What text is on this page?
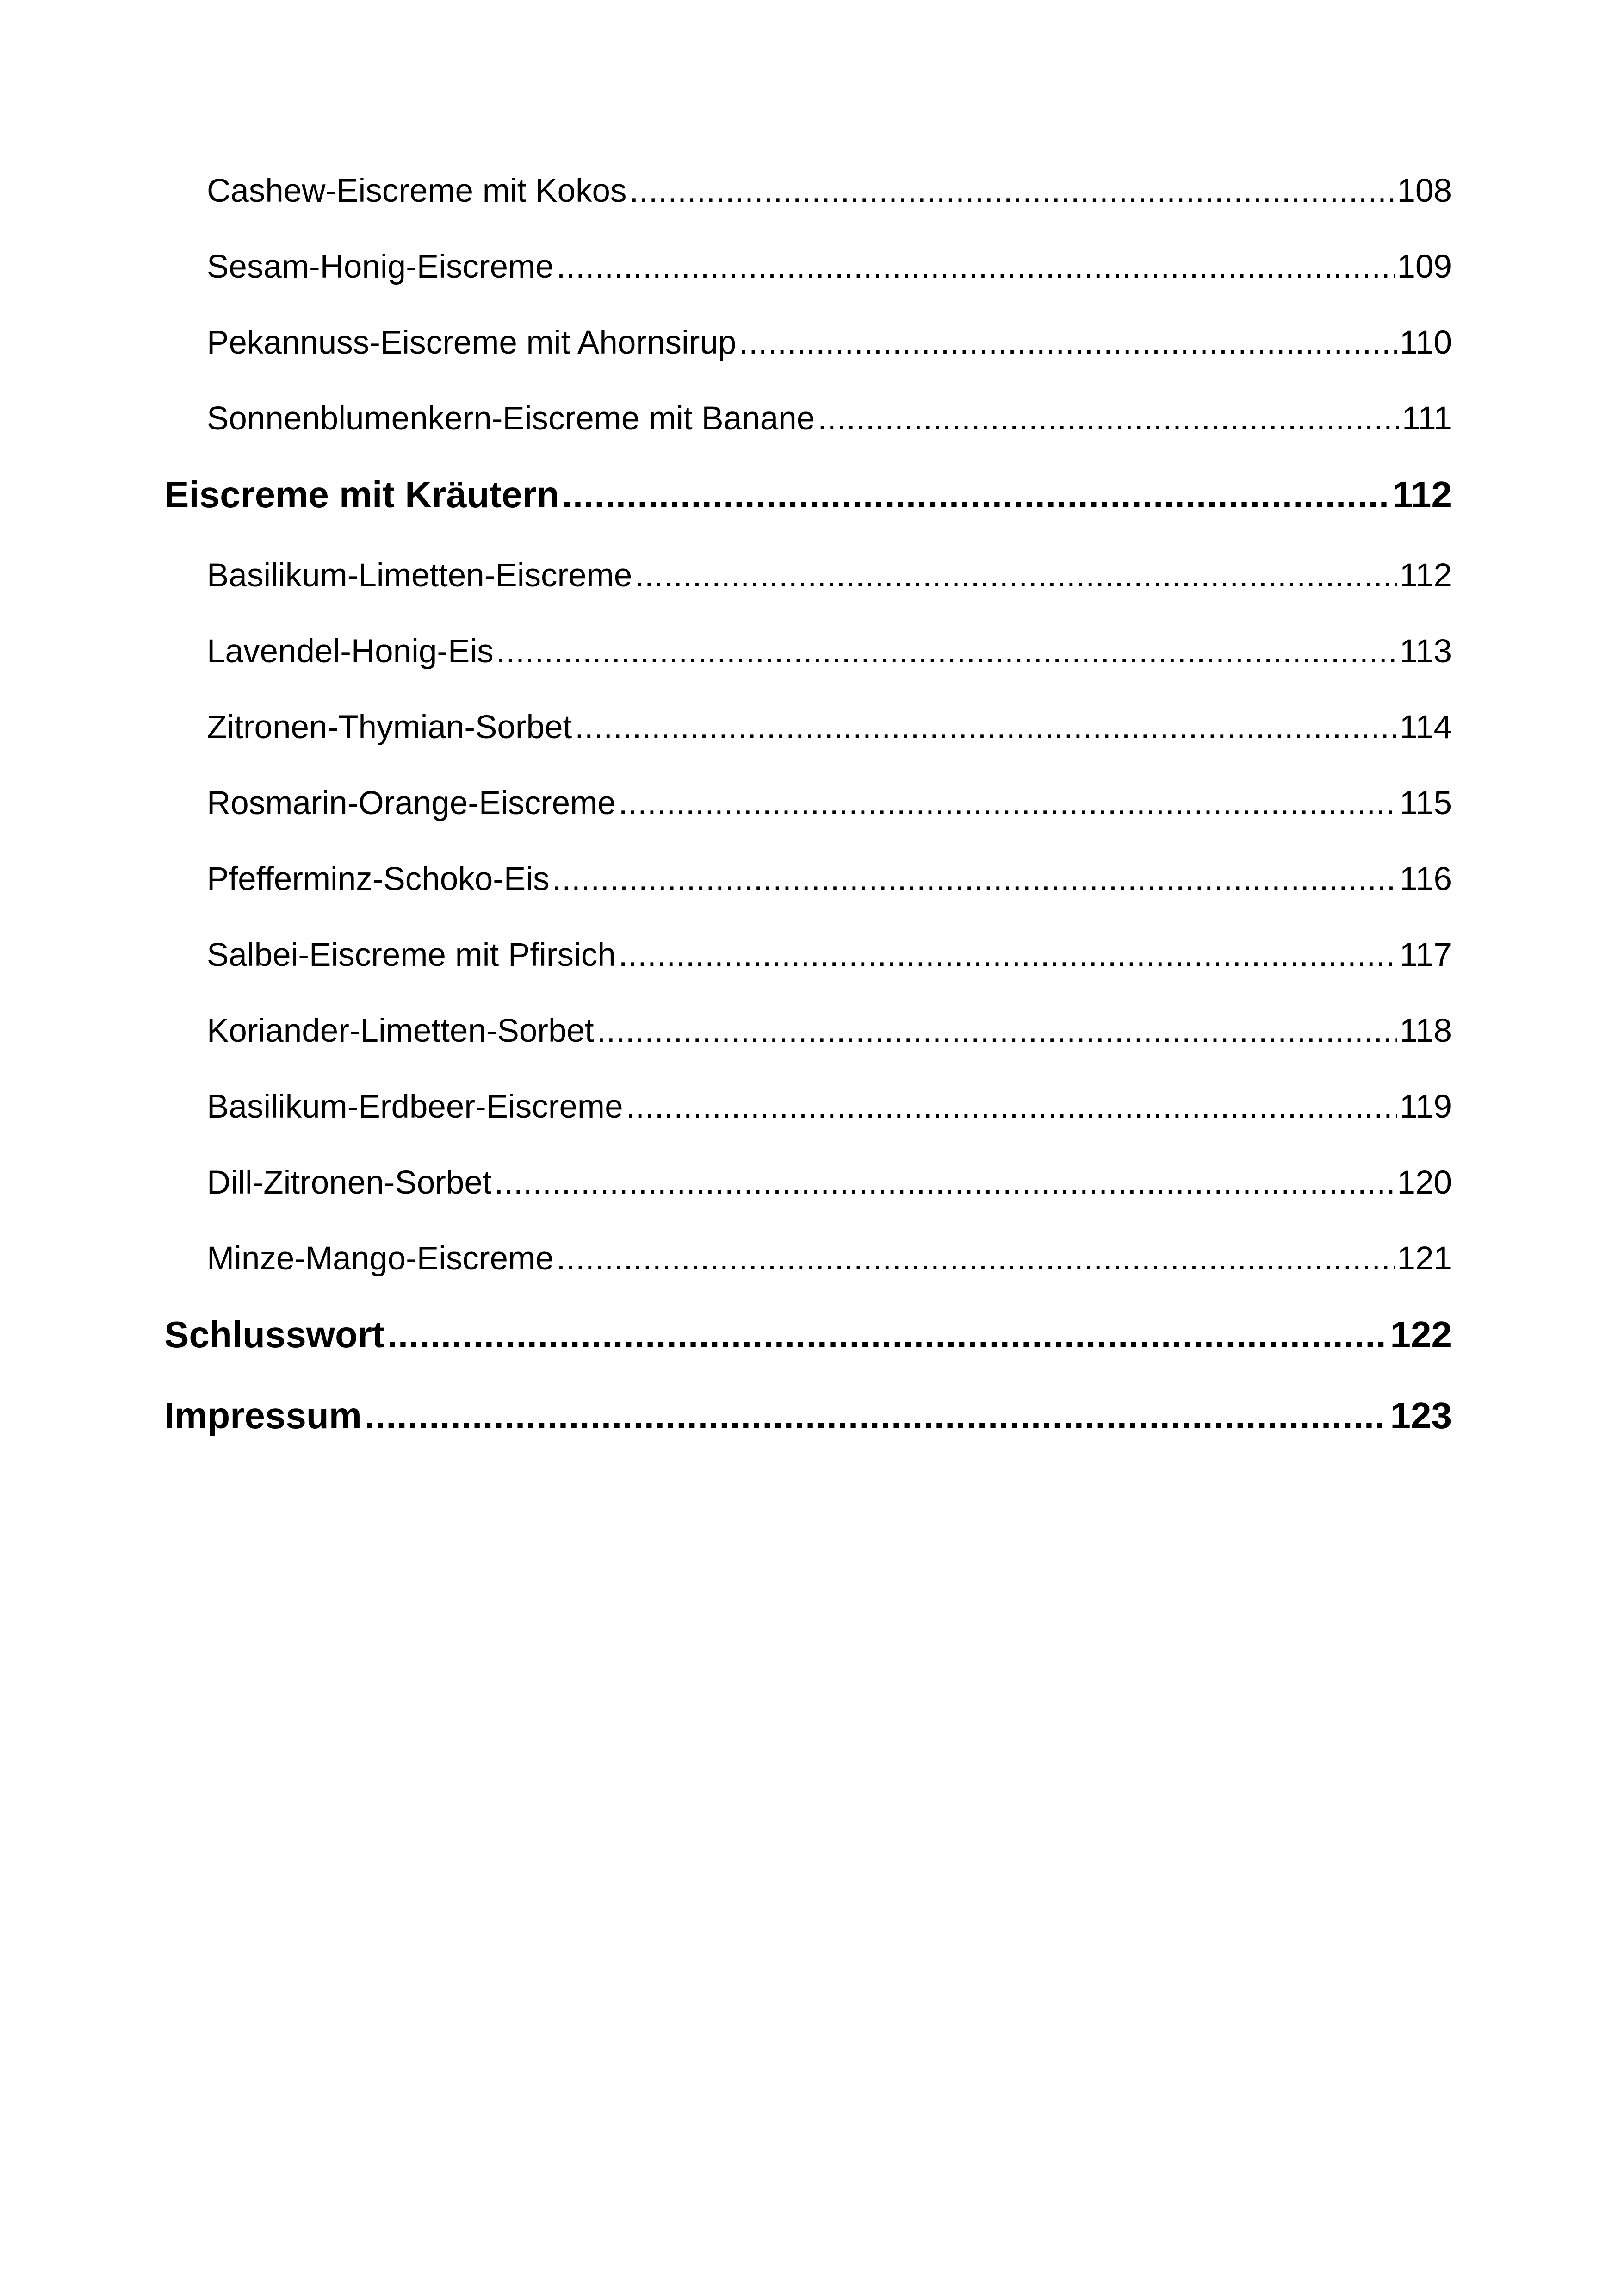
Cashew-Eiscreme mit Kokos .....	108
Sesam-Honig-Eiscreme .....	109
Pekannuss-Eiscreme mit Ahornsirup .....	110
Sonnenblumenkern-Eiscreme mit Banane .....	111
Eiscreme mit Kräutern .....	112
Basilikum-Limetten-Eiscreme .....	112
Lavendel-Honig-Eis .....	113
Zitronen-Thymian-Sorbet .....	114
Rosmarin-Orange-Eiscreme .....	115
Pfefferminz-Schoko-Eis .....	116
Salbei-Eiscreme mit Pfirsich .....	117
Koriander-Limetten-Sorbet .....	118
Basilikum-Erdbeer-Eiscreme .....	119
Dill-Zitronen-Sorbet .....	120
Minze-Mango-Eiscreme .....	121
Schlusswort .....	122
Impressum .....	123
